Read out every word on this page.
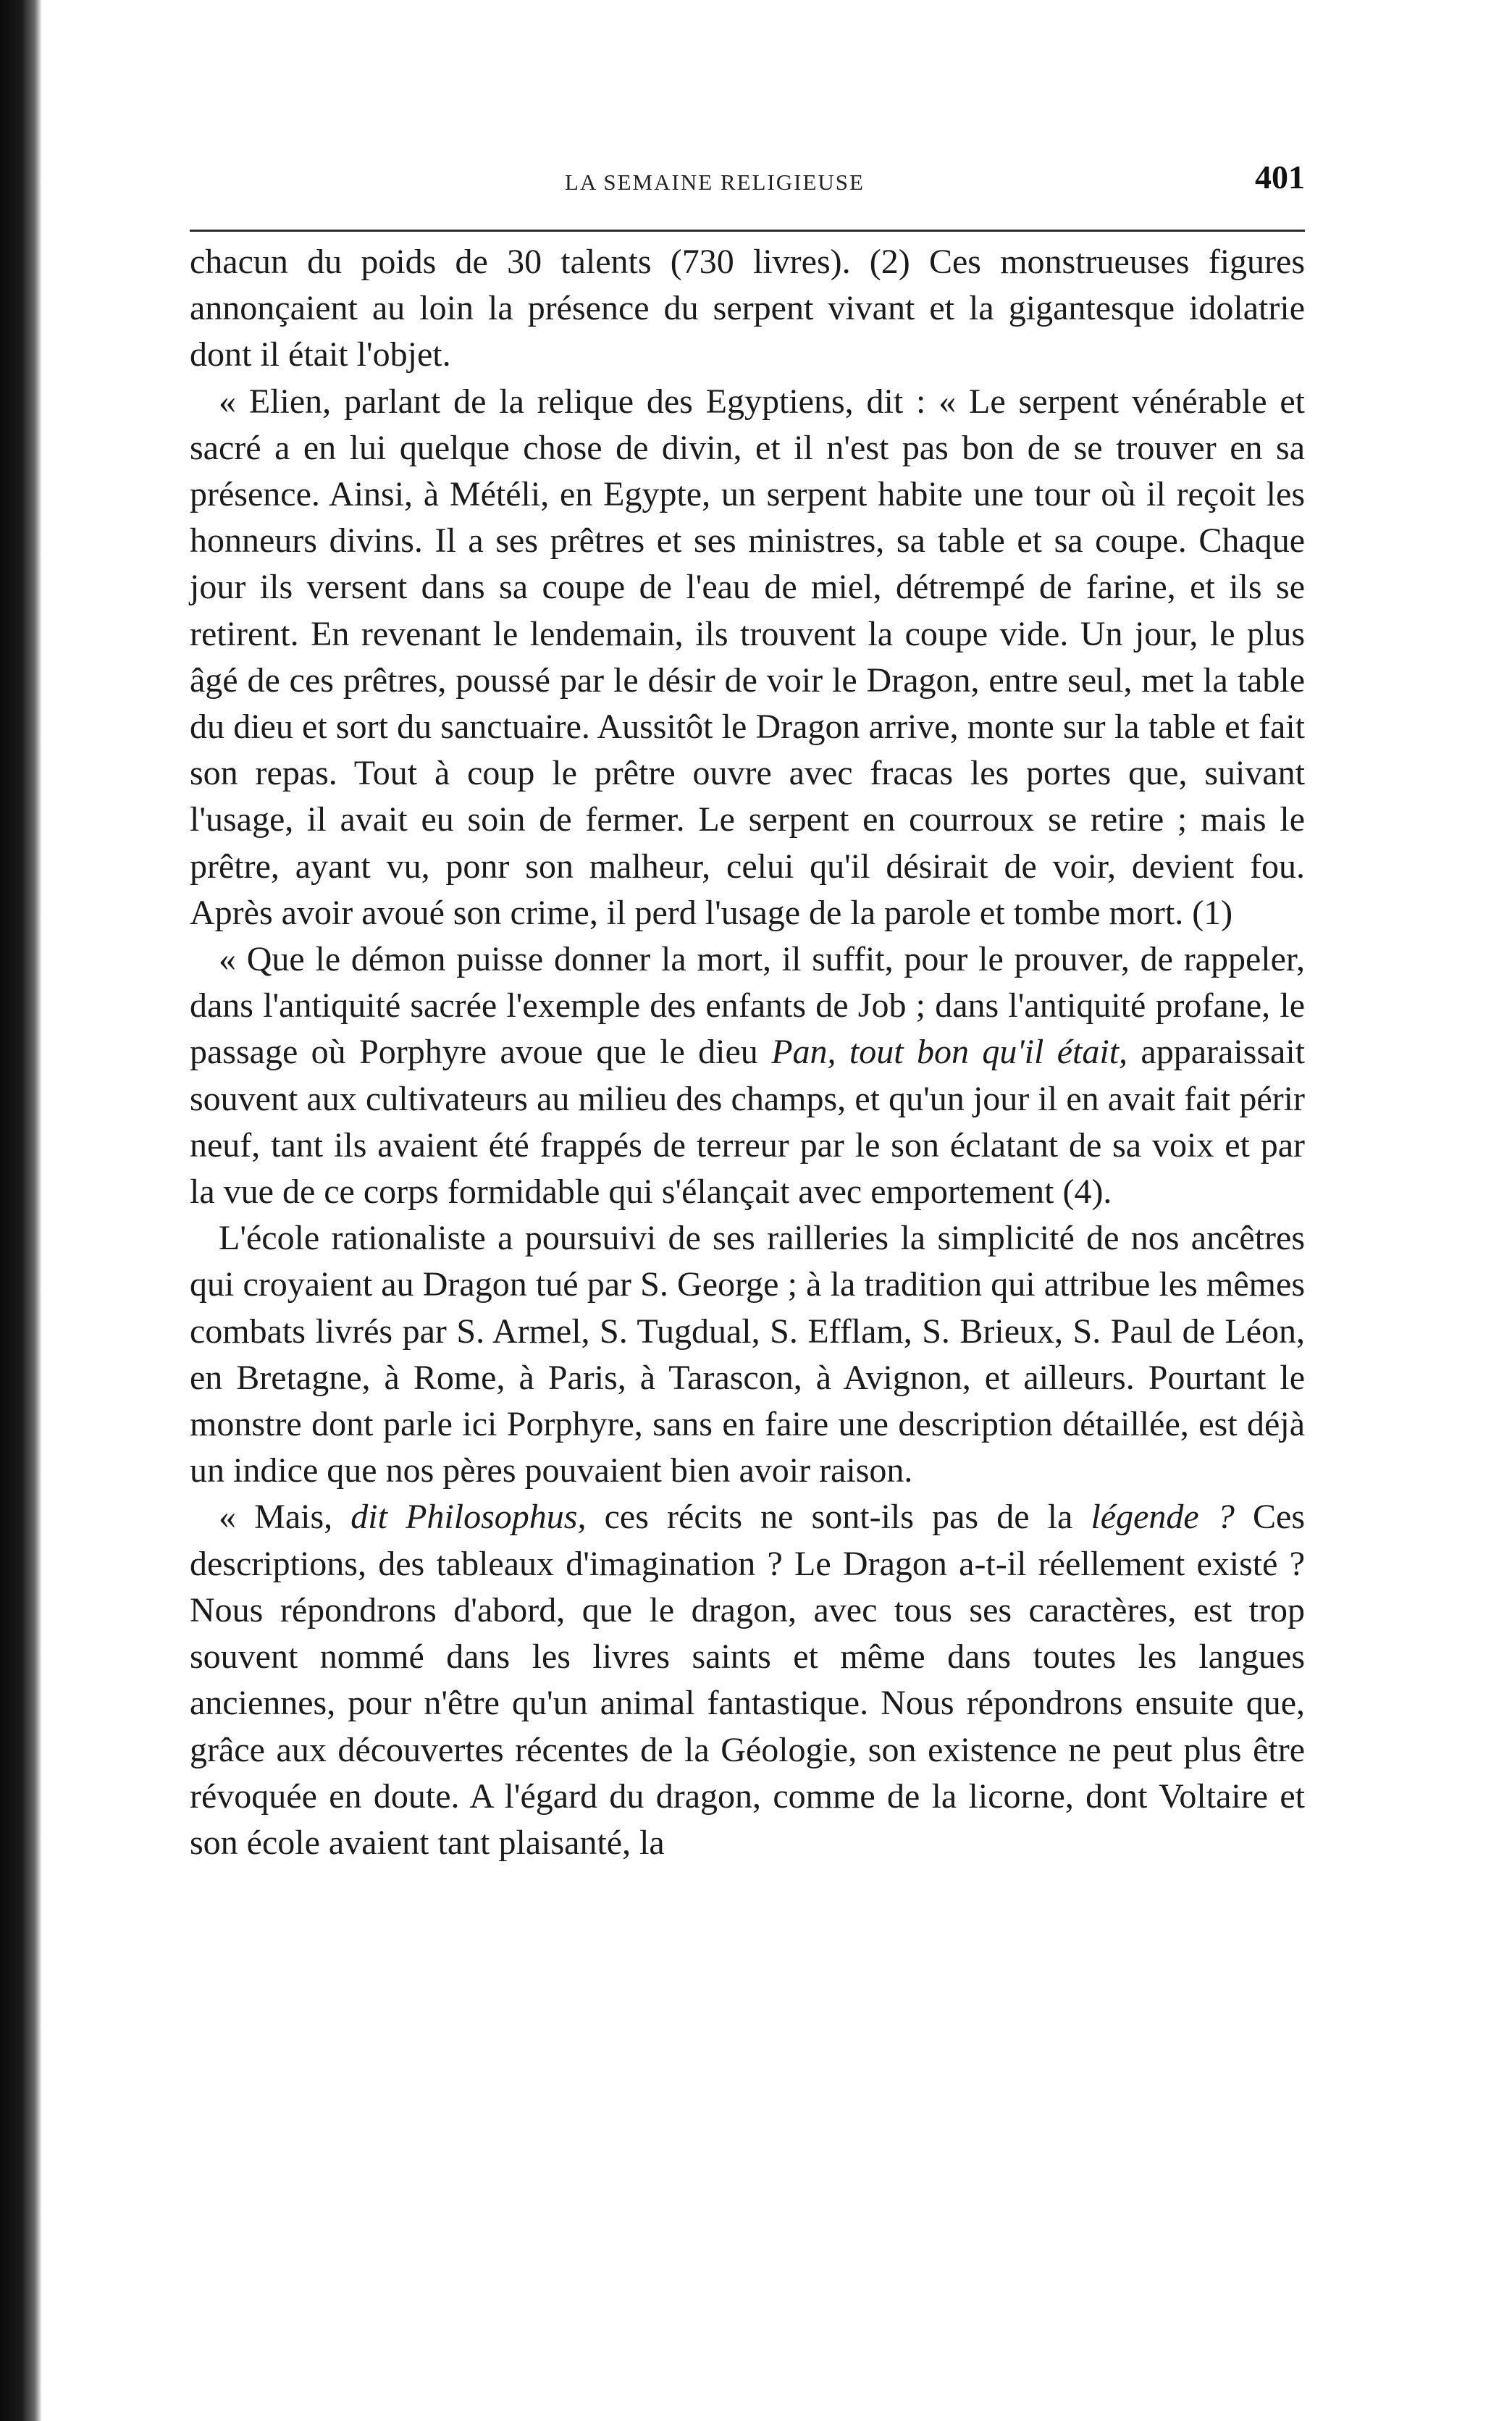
LA SEMAINE RELIGIEUSE	401

chacun du poids de 30 talents (730 livres). (2) Ces monstrueuses figures annonçaient au loin la présence du serpent vivant et la gigantesque idolatrie dont il était l'objet.

« Elien, parlant de la relique des Egyptiens, dit : « Le serpent vénérable et sacré a en lui quelque chose de divin, et il n'est pas bon de se trouver en sa présence. Ainsi, à Météli, en Egypte, un serpent habite une tour où il reçoit les honneurs divins. Il a ses prêtres et ses ministres, sa table et sa coupe. Chaque jour ils versent dans sa coupe de l'eau de miel, détrempé de farine, et ils se retirent. En revenant le lendemain, ils trouvent la coupe vide. Un jour, le plus âgé de ces prêtres, poussé par le désir de voir le Dragon, entre seul, met la table du dieu et sort du sanctuaire. Aussitôt le Dragon arrive, monte sur la table et fait son repas. Tout à coup le prêtre ouvre avec fracas les portes que, suivant l'usage, il avait eu soin de fermer. Le serpent en courroux se retire ; mais le prêtre, ayant vu, ponr son malheur, celui qu'il désirait de voir, devient fou. Après avoir avoué son crime, il perd l'usage de la parole et tombe mort. (1)

« Que le démon puisse donner la mort, il suffit, pour le prouver, de rappeler, dans l'antiquité sacrée l'exemple des enfants de Job ; dans l'antiquité profane, le passage où Porphyre avoue que le dieu Pan, tout bon qu'il était, apparaissait souvent aux cultivateurs au milieu des champs, et qu'un jour il en avait fait périr neuf, tant ils avaient été frappés de terreur par le son éclatant de sa voix et par la vue de ce corps formidable qui s'élançait avec emportement (4).

L'école rationaliste a poursuivi de ses railleries la simplicité de nos ancêtres qui croyaient au Dragon tué par S. George ; à la tradition qui attribue les mêmes combats livrés par S. Armel, S. Tugdual, S. Efflam, S. Brieux, S. Paul de Léon, en Bretagne, à Rome, à Paris, à Tarascon, à Avignon, et ailleurs. Pourtant le monstre dont parle ici Porphyre, sans en faire une description détaillée, est déjà un indice que nos pères pouvaient bien avoir raison.

« Mais, dit Philosophus, ces récits ne sont-ils pas de la légende ? Ces descriptions, des tableaux d'imagination ? Le Dragon a-t-il réellement existé ? Nous répondrons d'abord, que le dragon, avec tous ses caractères, est trop souvent nommé dans les livres saints et même dans toutes les langues anciennes, pour n'être qu'un animal fantastique. Nous répondrons ensuite que, grâce aux découvertes récentes de la Géologie, son existence ne peut plus être révoquée en doute. A l'égard du dragon, comme de la licorne, dont Voltaire et son école avaient tant plaisanté, la
